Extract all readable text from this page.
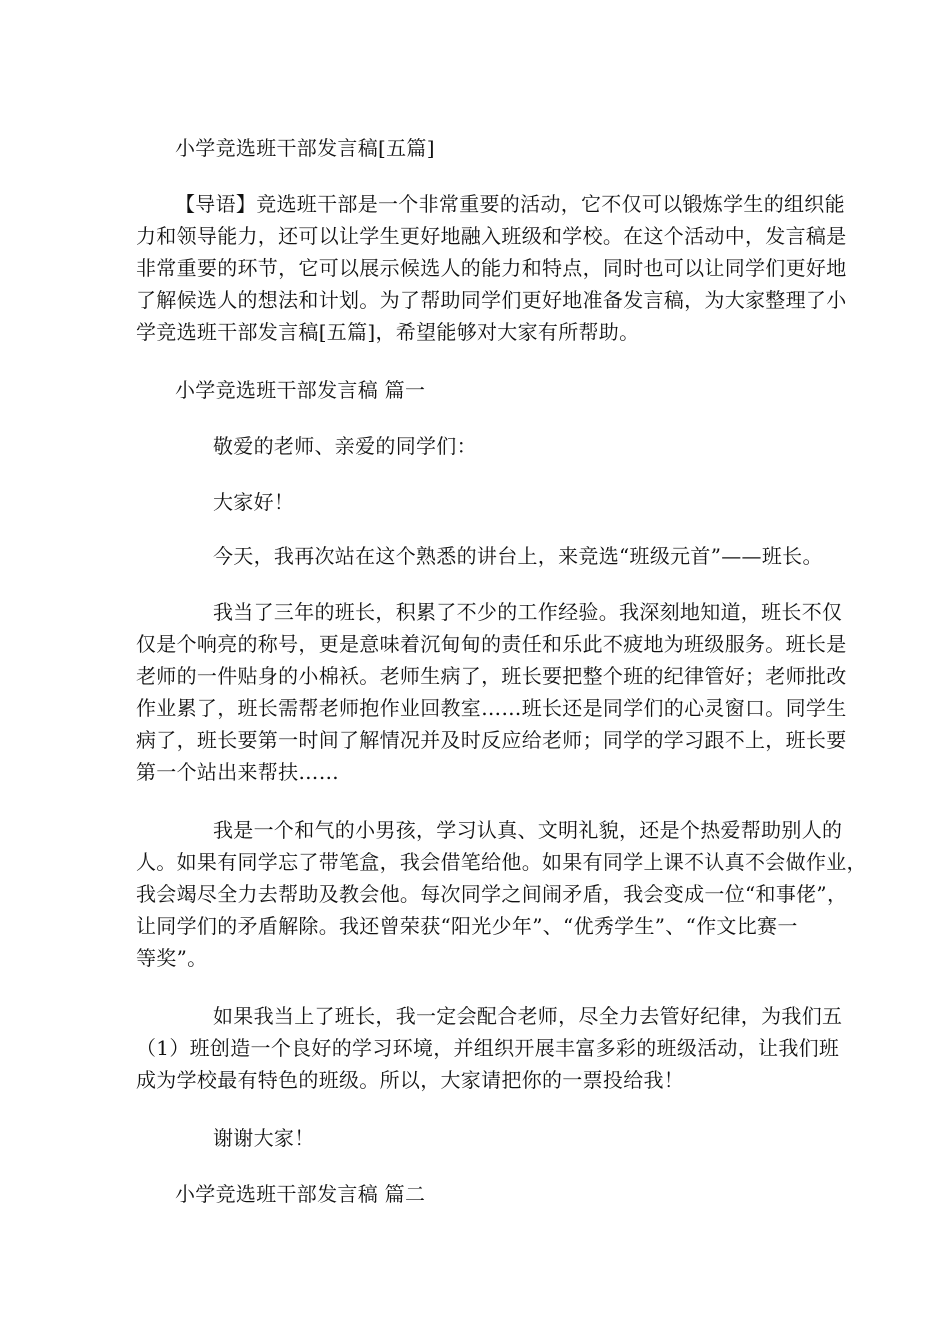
小学竞选班干部发言稿[五篇]
【导语】竞选班干部是一个非常重要的活动，它不仅可以锻炼学生的组织能
力和领导能力，还可以让学生更好地融入班级和学校。在这个活动中，发言稿是
非常重要的环节，它可以展示候选人的能力和特点，同时也可以让同学们更好地
了解候选人的想法和计划。为了帮助同学们更好地准备发言稿，为大家整理了小
学竞选班干部发言稿[五篇]，希望能够对大家有所帮助。
小学竞选班干部发言稿 篇一
敬爱的老师、亲爱的同学们：
大家好！
今天，我再次站在这个熟悉的讲台上，来竞选“班级元首”——班长。
我当了三年的班长，积累了不少的工作经验。我深刻地知道，班长不仅
仅是个响亮的称号，更是意味着沉甸甸的责任和乐此不疲地为班级服务。班长是
老师的一件贴身的小棉袄。老师生病了，班长要把整个班的纪律管好；老师批改
作业累了，班长需帮老师抱作业回教室……班长还是同学们的心灵窗口。同学生
病了，班长要第一时间了解情况并及时反应给老师；同学的学习跟不上，班长要
第一个站出来帮扶……
我是一个和气的小男孩，学习认真、文明礼貌，还是个热爱帮助别人的
人。如果有同学忘了带笔盒，我会借笔给他。如果有同学上课不认真不会做作业，
我会竭尽全力去帮助及教会他。每次同学之间闹矛盾，我会变成一位“和事佬”，
让同学们的矛盾解除。我还曾荣获“阳光少年”、“优秀学生”、“作文比赛一
等奖”。
如果我当上了班长，我一定会配合老师，尽全力去管好纪律，为我们五
（1）班创造一个良好的学习环境，并组织开展丰富多彩的班级活动，让我们班
成为学校最有特色的班级。所以，大家请把你的一票投给我！
谢谢大家！
小学竞选班干部发言稿 篇二
